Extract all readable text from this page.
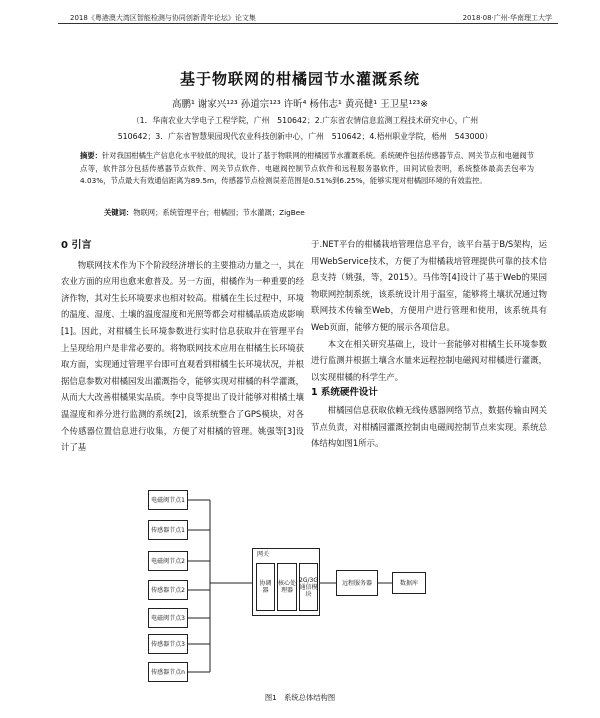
2018《粤港澳大湾区智能检测与协同创新青年论坛》论文集	2018·08·广州·华南理工大学
基于物联网的柑橘园节水灌溉系统
高鹏¹ 谢家兴¹²³ 孙道宗¹²³ 许昕⁴ 杨伟志¹ 黄亮健¹ 王卫星¹²³※
（1．华南农业大学电子工程学院，广州　510642；2.广东省农情信息监测工程技术研究中心，广州
510642；3．广东省智慧果园现代农业科技创新中心，广州　510642；4.梧州职业学院，梧州　543000）
摘要：针对我国柑橘生产信息化水平较低的现状，设计了基于物联网的柑橘园节水灌溉系统。系统硬件包括传感器节点、网关节点和电磁阀节点等，软件部分包括传感器节点软件、网关节点软件、电磁阀控制节点软件和远程服务器软件，田间试验表明，系统整体最高丢包率为4.03%，节点最大有效通信距离为89.5m，传感器节点检测误差范围是0.51%到6.25%，能够实现对柑橘园环境的有效监控。
关键词：物联网；系统管理平台；柑橘园；节水灌溉；ZigBee
0 引言

物联网技术作为下个阶段经济增长的主要推动力量之一，其在农业方面的应用也愈来愈普及。另一方面，柑橘作为一种重要的经济作物，其对生长环境要求也相对较高。柑橘在生长过程中，环境的温度、湿度、土壤的温度湿度和光照等都会对柑橘品质造成影响[1]。因此，对柑橘生长环境参数进行实时信息获取并在管理平台上呈现给用户是非常必要的。将物联网技术应用在柑橘生长环境获取方面，实现通过管理平台即可直观看到柑橘生长环境状况，并根据信息参数对柑橘园发出灌溉指令，能够实现对柑橘的科学灌溉，从而大大改善柑橘果实品质。李中良等提出了设计能够对柑橘土壤温湿度和养分进行监测的系统[2]，该系统整合了GPS模块，对各个传感器位置信息进行收集，方便了对柑橘的管理。姚强等[3]设计了基

于.NET平台的柑橘栽培管理信息平台，该平台基于B/S架构，运用WebService技术，方便了为柑橘栽培管理提供可靠的技术信息支持（姚强，等，2015）。马伟等[4]设计了基于Web的果园物联网控制系统，该系统设计用于温室，能够将土壤状况通过物联网技术传输至Web，方便用户进行管理和使用，该系统具有Web页面，能够方便的展示各项信息。

本文在相关研究基础上，设计一套能够对柑橘生长环境参数进行监测并根据土壤含水量来远程控制电磁阀对柑橘进行灌溉，以实现柑橘的科学生产。

1 系统硬件设计

柑橘园信息获取依赖无线传感器网络节点，数据传输由网关节点负责，对柑橘园灌溉控制由电磁阀控制节点来实现。系统总体结构如图1所示。

电磁阀节点1
传感器节点1
电磁阀节点2
传感器节点2
电磁阀节点3
传感器节点3
传感器节点n
网关
协调器
核心处理器
2G/3G通信模块
远程服务器	数据库
图1　系统总体结构图
